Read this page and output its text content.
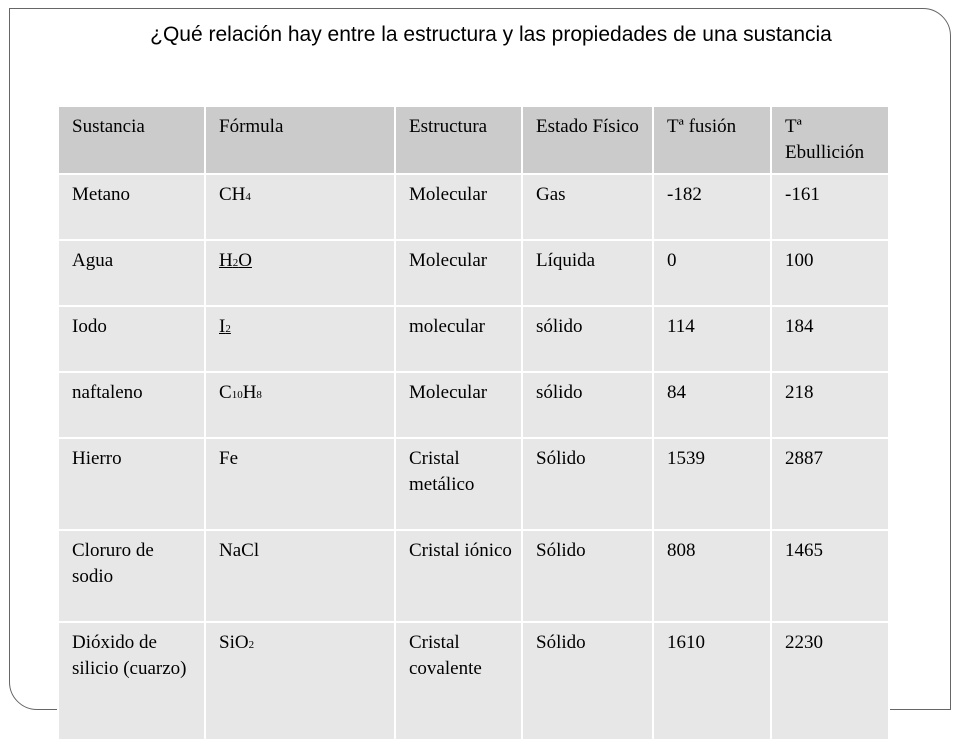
¿Qué relación hay entre la estructura y las propiedades de una sustancia
Sustancia	Fórmula	Estructura	Estado Físico	Tª fusión	Tª Ebullición
Metano	CH4	Molecular	Gas	-182	-161
Agua	H2O	Molecular	Líquida	0	100
Iodo	I2	molecular	sólido	114	184
naftaleno	C10H8	Molecular	sólido	84	218
Hierro	Fe	Cristal metálico	Sólido	1539	2887
Cloruro de sodio	NaCl	Cristal iónico	Sólido	808	1465
Dióxido de silicio (cuarzo)	SiO2	Cristal covalente	Sólido	1610	2230
